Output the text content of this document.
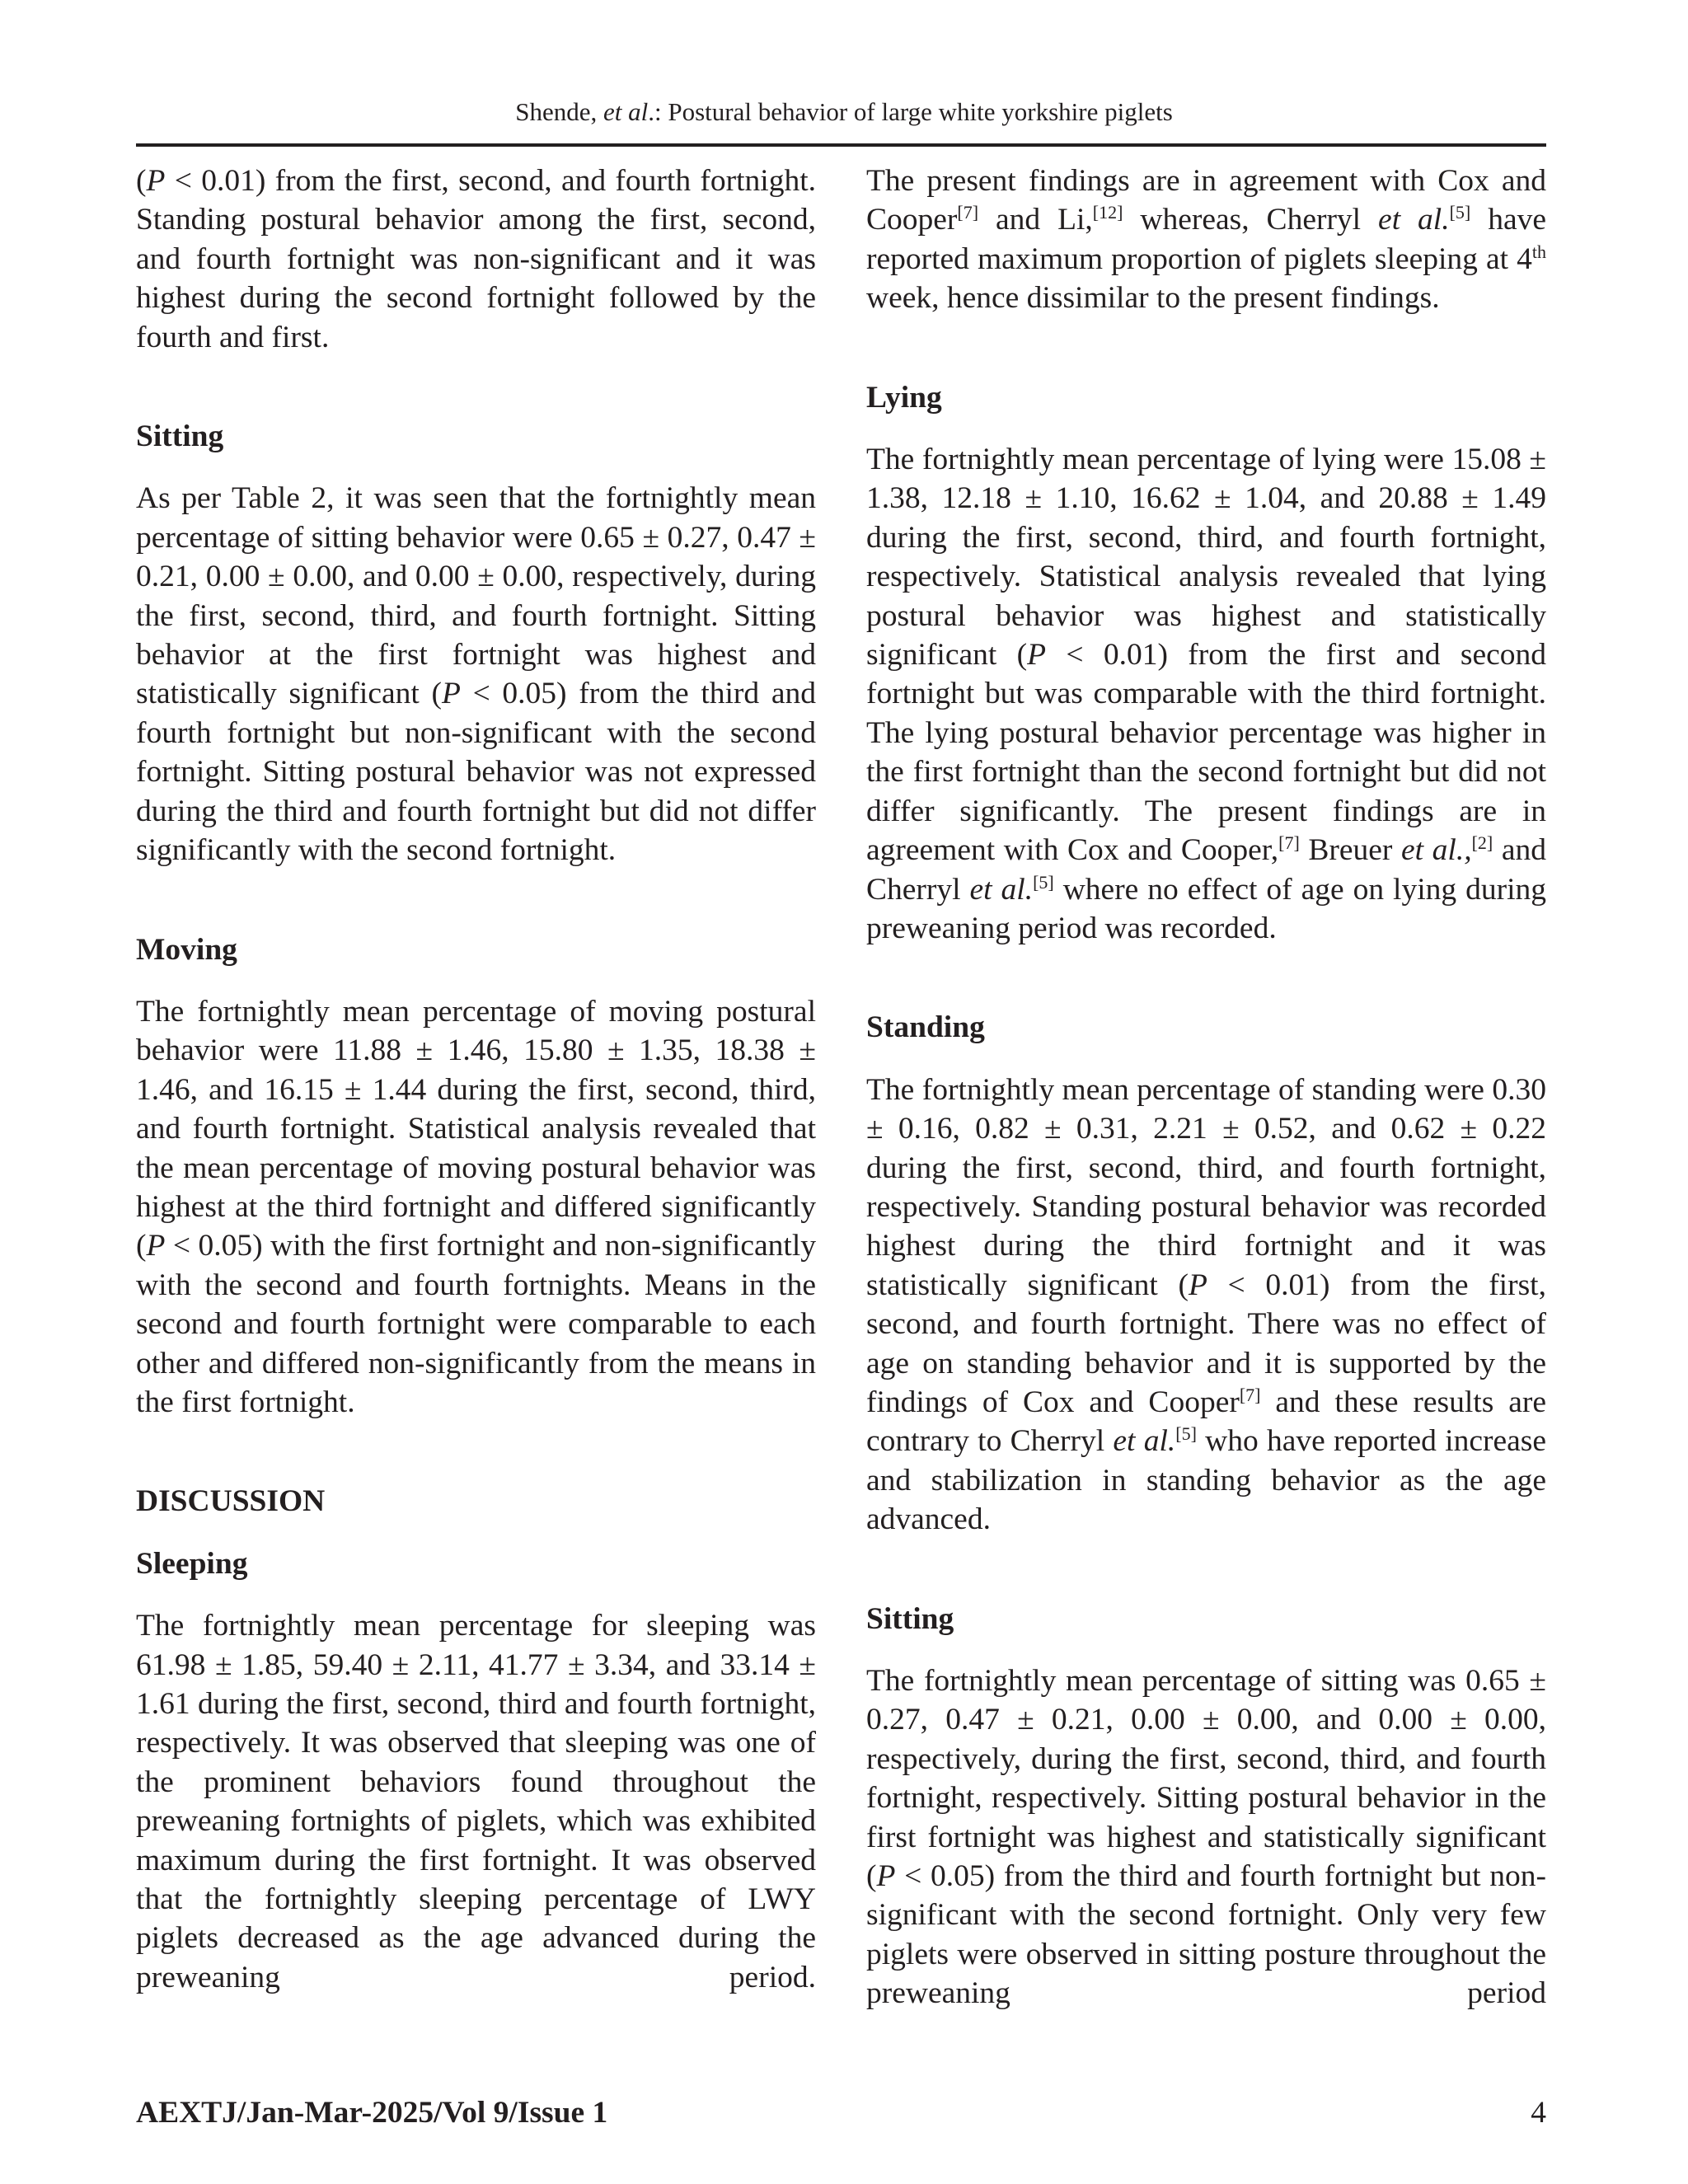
Shende, et al.: Postural behavior of large white yorkshire piglets

(P < 0.01) from the first, second, and fourth fortnight. Standing postural behavior among the first, second, and fourth fortnight was non-significant and it was highest during the second fortnight followed by the fourth and first.

Sitting

As per Table 2, it was seen that the fortnightly mean percentage of sitting behavior were 0.65 ± 0.27, 0.47 ± 0.21, 0.00 ± 0.00, and 0.00 ± 0.00, respectively, during the first, second, third, and fourth fortnight. Sitting behavior at the first fortnight was highest and statistically significant (P < 0.05) from the third and fourth fortnight but non-significant with the second fortnight. Sitting postural behavior was not expressed during the third and fourth fortnight but did not differ significantly with the second fortnight.

Moving

The fortnightly mean percentage of moving postural behavior were 11.88 ± 1.46, 15.80 ± 1.35, 18.38 ± 1.46, and 16.15 ± 1.44 during the first, second, third, and fourth fortnight. Statistical analysis revealed that the mean percentage of moving postural behavior was highest at the third fortnight and differed significantly (P < 0.05) with the first fortnight and non-significantly with the second and fourth fortnights. Means in the second and fourth fortnight were comparable to each other and differed non-significantly from the means in the first fortnight.

DISCUSSION
Sleeping

The fortnightly mean percentage for sleeping was 61.98 ± 1.85, 59.40 ± 2.11, 41.77 ± 3.34, and 33.14 ± 1.61 during the first, second, third and fourth fortnight, respectively. It was observed that sleeping was one of the prominent behaviors found throughout the preweaning fortnights of piglets, which was exhibited maximum during the first fortnight. It was observed that the fortnightly sleeping percentage of LWY piglets decreased as the age advanced during the preweaning period.

The present findings are in agreement with Cox and Cooper[7] and Li,[12] whereas, Cherryl et al.[5] have reported maximum proportion of piglets sleeping at 4th week, hence dissimilar to the present findings.

Lying

The fortnightly mean percentage of lying were 15.08 ± 1.38, 12.18 ± 1.10, 16.62 ± 1.04, and 20.88 ± 1.49 during the first, second, third, and fourth fortnight, respectively. Statistical analysis revealed that lying postural behavior was highest and statistically significant (P < 0.01) from the first and second fortnight but was comparable with the third fortnight. The lying postural behavior percentage was higher in the first fortnight than the second fortnight but did not differ significantly. The present findings are in agreement with Cox and Cooper,[7] Breuer et al.,[2] and Cherryl et al.[5] where no effect of age on lying during preweaning period was recorded.

Standing

The fortnightly mean percentage of standing were 0.30 ± 0.16, 0.82 ± 0.31, 2.21 ± 0.52, and 0.62 ± 0.22 during the first, second, third, and fourth fortnight, respectively. Standing postural behavior was recorded highest during the third fortnight and it was statistically significant (P < 0.01) from the first, second, and fourth fortnight. There was no effect of age on standing behavior and it is supported by the findings of Cox and Cooper[7] and these results are contrary to Cherryl et al.[5] who have reported increase and stabilization in standing behavior as the age advanced.

Sitting

The fortnightly mean percentage of sitting was 0.65 ± 0.27, 0.47 ± 0.21, 0.00 ± 0.00, and 0.00 ± 0.00, respectively, during the first, second, third, and fourth fortnight, respectively. Sitting postural behavior in the first fortnight was highest and statistically significant (P < 0.05) from the third and fourth fortnight but non-significant with the second fortnight. Only very few piglets were observed in sitting posture throughout the preweaning period

AEXTJ/Jan-Mar-2025/Vol 9/Issue 1	4
